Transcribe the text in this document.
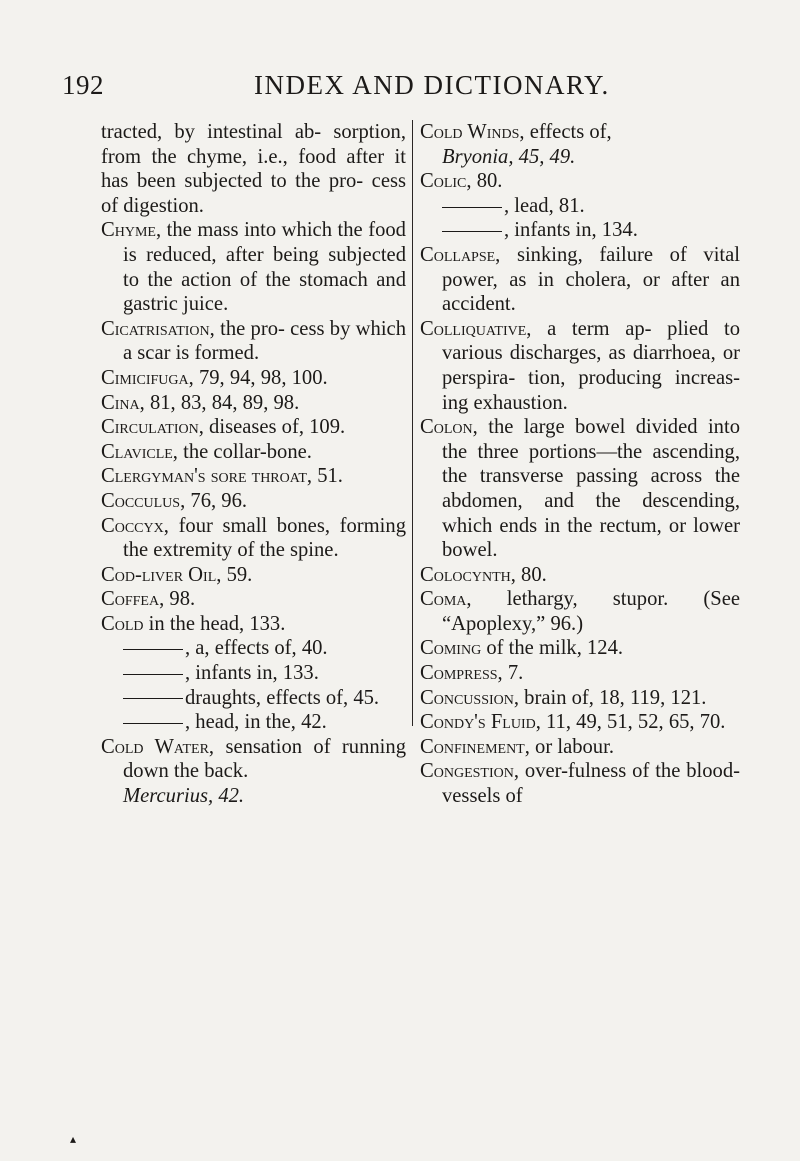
192	INDEX AND DICTIONARY.
tracted, by intestinal ab- sorption, from the chyme, i.e., food after it has been subjected to the pro- cess of digestion.
Chyme, the mass into which the food is reduced, after being subjected to the action of the stomach and gastric juice.
Cicatrisation, the pro- cess by which a scar is formed.
Cimicifuga, 79, 94, 98, 100.
Cina, 81, 83, 84, 89, 98.
Circulation, diseases of, 109.
Clavicle, the collar-bone.
Clergyman's sore throat, 51.
Cocculus, 76, 96.
Coccyx, four small bones, forming the extremity of the spine.
Cod-liver Oil, 59.
Coffea, 98.
Cold in the head, 133.
, a, effects of, 40.
, infants in, 133.
draughts, effects of, 45.
, head, in the, 42.
Cold Water, sensation of running down the back.
Mercurius, 42.
Cold Winds, effects of,
Bryonia, 45, 49.
Colic, 80.
, lead, 81.
, infants in, 134.
Collapse, sinking, failure of vital power, as in cholera, or after an accident.
Colliquative, a term ap- plied to various discharges, as diarrhoea, or perspira- tion, producing increas- ing exhaustion.
Colon, the large bowel divided into the three portions—the ascending, the transverse passing across the abdomen, and the descending, which ends in the rectum, or lower bowel.
Colocynth, 80.
Coma, lethargy, stupor. (See “Apoplexy,” 96.)
Coming of the milk, 124.
Compress, 7.
Concussion, brain of, 18, 119, 121.
Condy's Fluid, 11, 49, 51, 52, 65, 70.
Confinement, or labour.
Congestion, over-fulness of the blood-vessels of
▴
